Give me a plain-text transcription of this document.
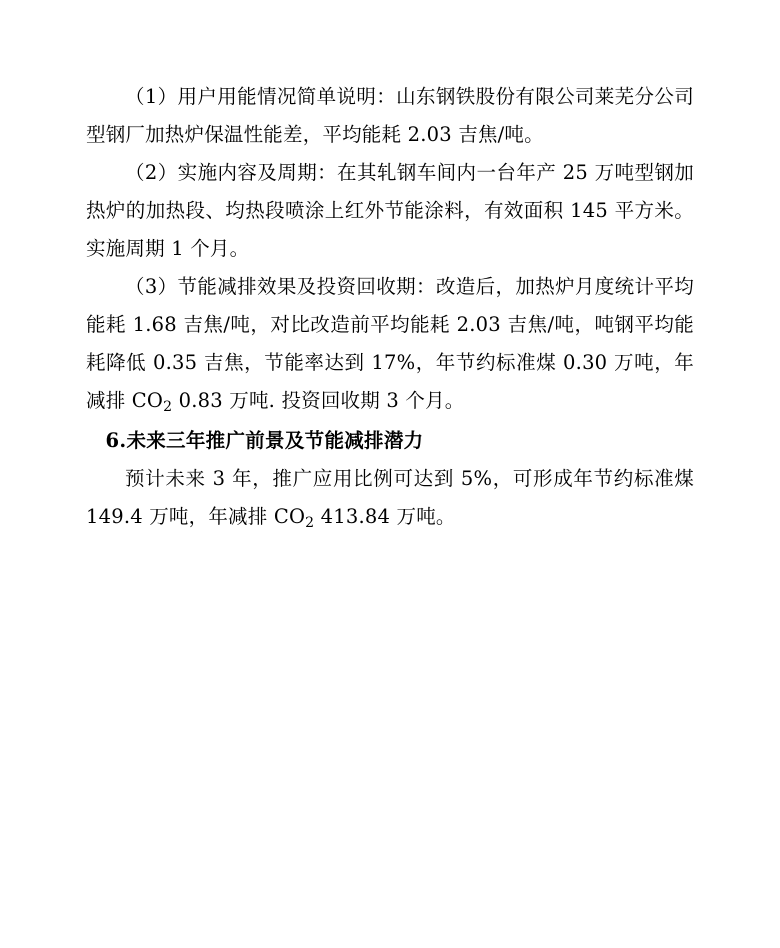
（1）用户用能情况简单说明：山东钢铁股份有限公司莱芜分公司型钢厂加热炉保温性能差，平均能耗 2.03 吉焦/吨。

（2）实施内容及周期：在其轧钢车间内一台年产 25 万吨型钢加热炉的加热段、均热段喷涂上红外节能涂料，有效面积 145 平方米。实施周期 1 个月。

（3）节能减排效果及投资回收期：改造后，加热炉月度统计平均能耗 1.68 吉焦/吨，对比改造前平均能耗 2.03 吉焦/吨，吨钢平均能耗降低 0.35 吉焦，节能率达到 17%，年节约标准煤 0.30 万吨，年减排 $CO_2$ 0.83 万吨. 投资回收期 3 个月。

6.未来三年推广前景及节能减排潜力

预计未来 3 年，推广应用比例可达到 5%，可形成年节约标准煤 149.4 万吨，年减排 $CO_2$ 413.84 万吨。
